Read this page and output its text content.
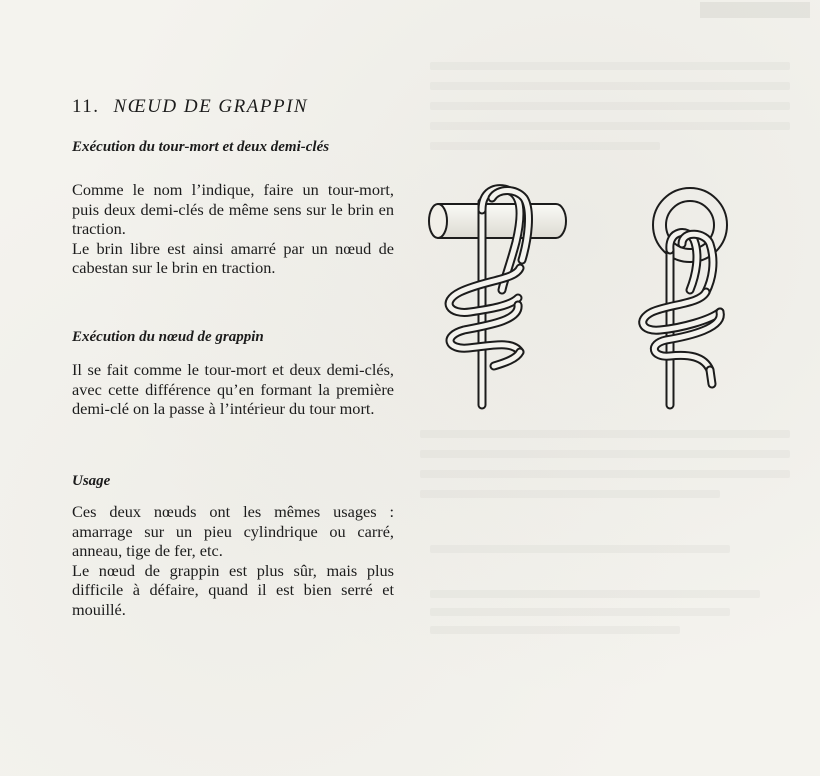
11. NŒUD DE GRAPPIN
Exécution du tour-mort et deux demi-clés

Comme le nom l’indique, faire un tour-mort, puis deux demi-clés de même sens sur le brin en traction.

Le brin libre est ainsi amarré par un nœud de cabestan sur le brin en traction.

Exécution du nœud de grappin

Il se fait comme le tour-mort et deux demi-clés, avec cette différence qu’en formant la première demi-clé on la passe à l’intérieur du tour mort.

Usage

Ces deux nœuds ont les mêmes usages : amarrage sur un pieu cylindrique ou carré, anneau, tige de fer, etc.

Le nœud de grappin est plus sûr, mais plus difficile à défaire, quand il est bien serré et mouillé.
